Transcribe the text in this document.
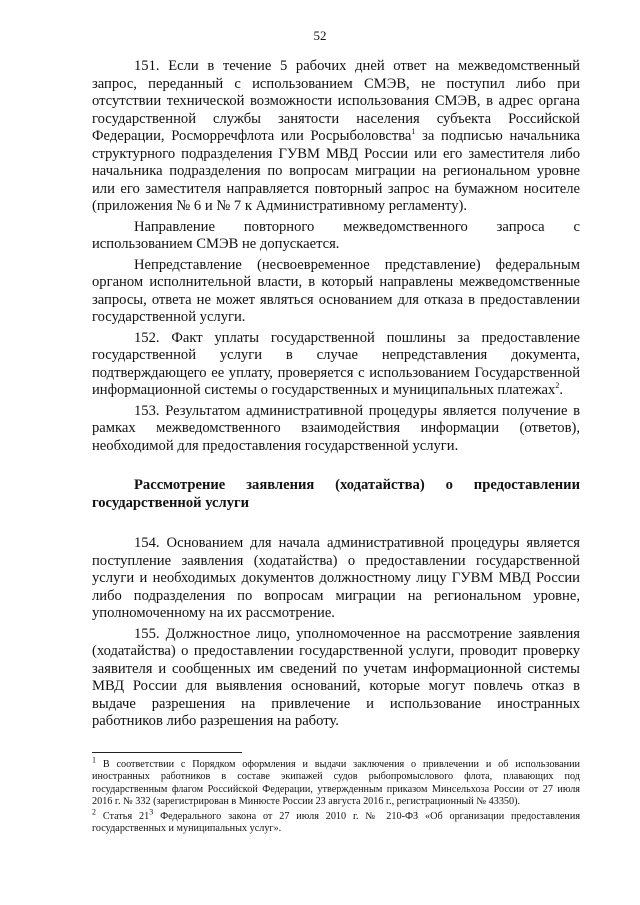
52

151. Если в течение 5 рабочих дней ответ на межведомственный запрос, переданный с использованием СМЭВ, не поступил либо при отсутствии технической возможности использования СМЭВ, в адрес органа государственной службы занятости населения субъекта Российской Федерации, Росморречфлота или Росрыболовства$^1$ за подписью начальника структурного подразделения ГУВМ МВД России или его заместителя либо начальника подразделения по вопросам миграции на региональном уровне или его заместителя направляется повторный запрос на бумажном носителе (приложения № 6 и № 7 к Административному регламенту).

Направление повторного межведомственного запроса с использованием СМЭВ не допускается.

Непредставление (несвоевременное представление) федеральным органом исполнительной власти, в который направлены межведомственные запросы, ответа не может являться основанием для отказа в предоставлении государственной услуги.

152. Факт уплаты государственной пошлины за предоставление государственной услуги в случае непредставления документа, подтверждающего ее уплату, проверяется с использованием Государственной информационной системы о государственных и муниципальных платежах$^2$.

153. Результатом административной процедуры является получение в рамках межведомственного взаимодействия информации (ответов), необходимой для предоставления государственной услуги.

Рассмотрение заявления (ходатайства) о предоставлении государственной услуги

154. Основанием для начала административной процедуры является поступление заявления (ходатайства) о предоставлении государственной услуги и необходимых документов должностному лицу ГУВМ МВД России либо подразделения по вопросам миграции на региональном уровне, уполномоченному на их рассмотрение.

155. Должностное лицо, уполномоченное на рассмотрение заявления (ходатайства) о предоставлении государственной услуги, проводит проверку заявителя и сообщенных им сведений по учетам информационной системы МВД России для выявления оснований, которые могут повлечь отказ в выдаче разрешения на привлечение и использование иностранных работников либо разрешения на работу.

$^1$ В соответствии с Порядком оформления и выдачи заключения о привлечении и об использовании иностранных работников в составе экипажей судов рыбопромыслового флота, плавающих под государственным флагом Российской Федерации, утвержденным приказом Минсельхоза России от 27 июля 2016 г. № 332 (зарегистрирован в Минюсте России 23 августа 2016 г., регистрационный № 43350).
$^2$ Статья $21^3$ Федерального закона от 27 июля 2010 г. № 210-ФЗ «Об организации предоставления государственных и муниципальных услуг».
